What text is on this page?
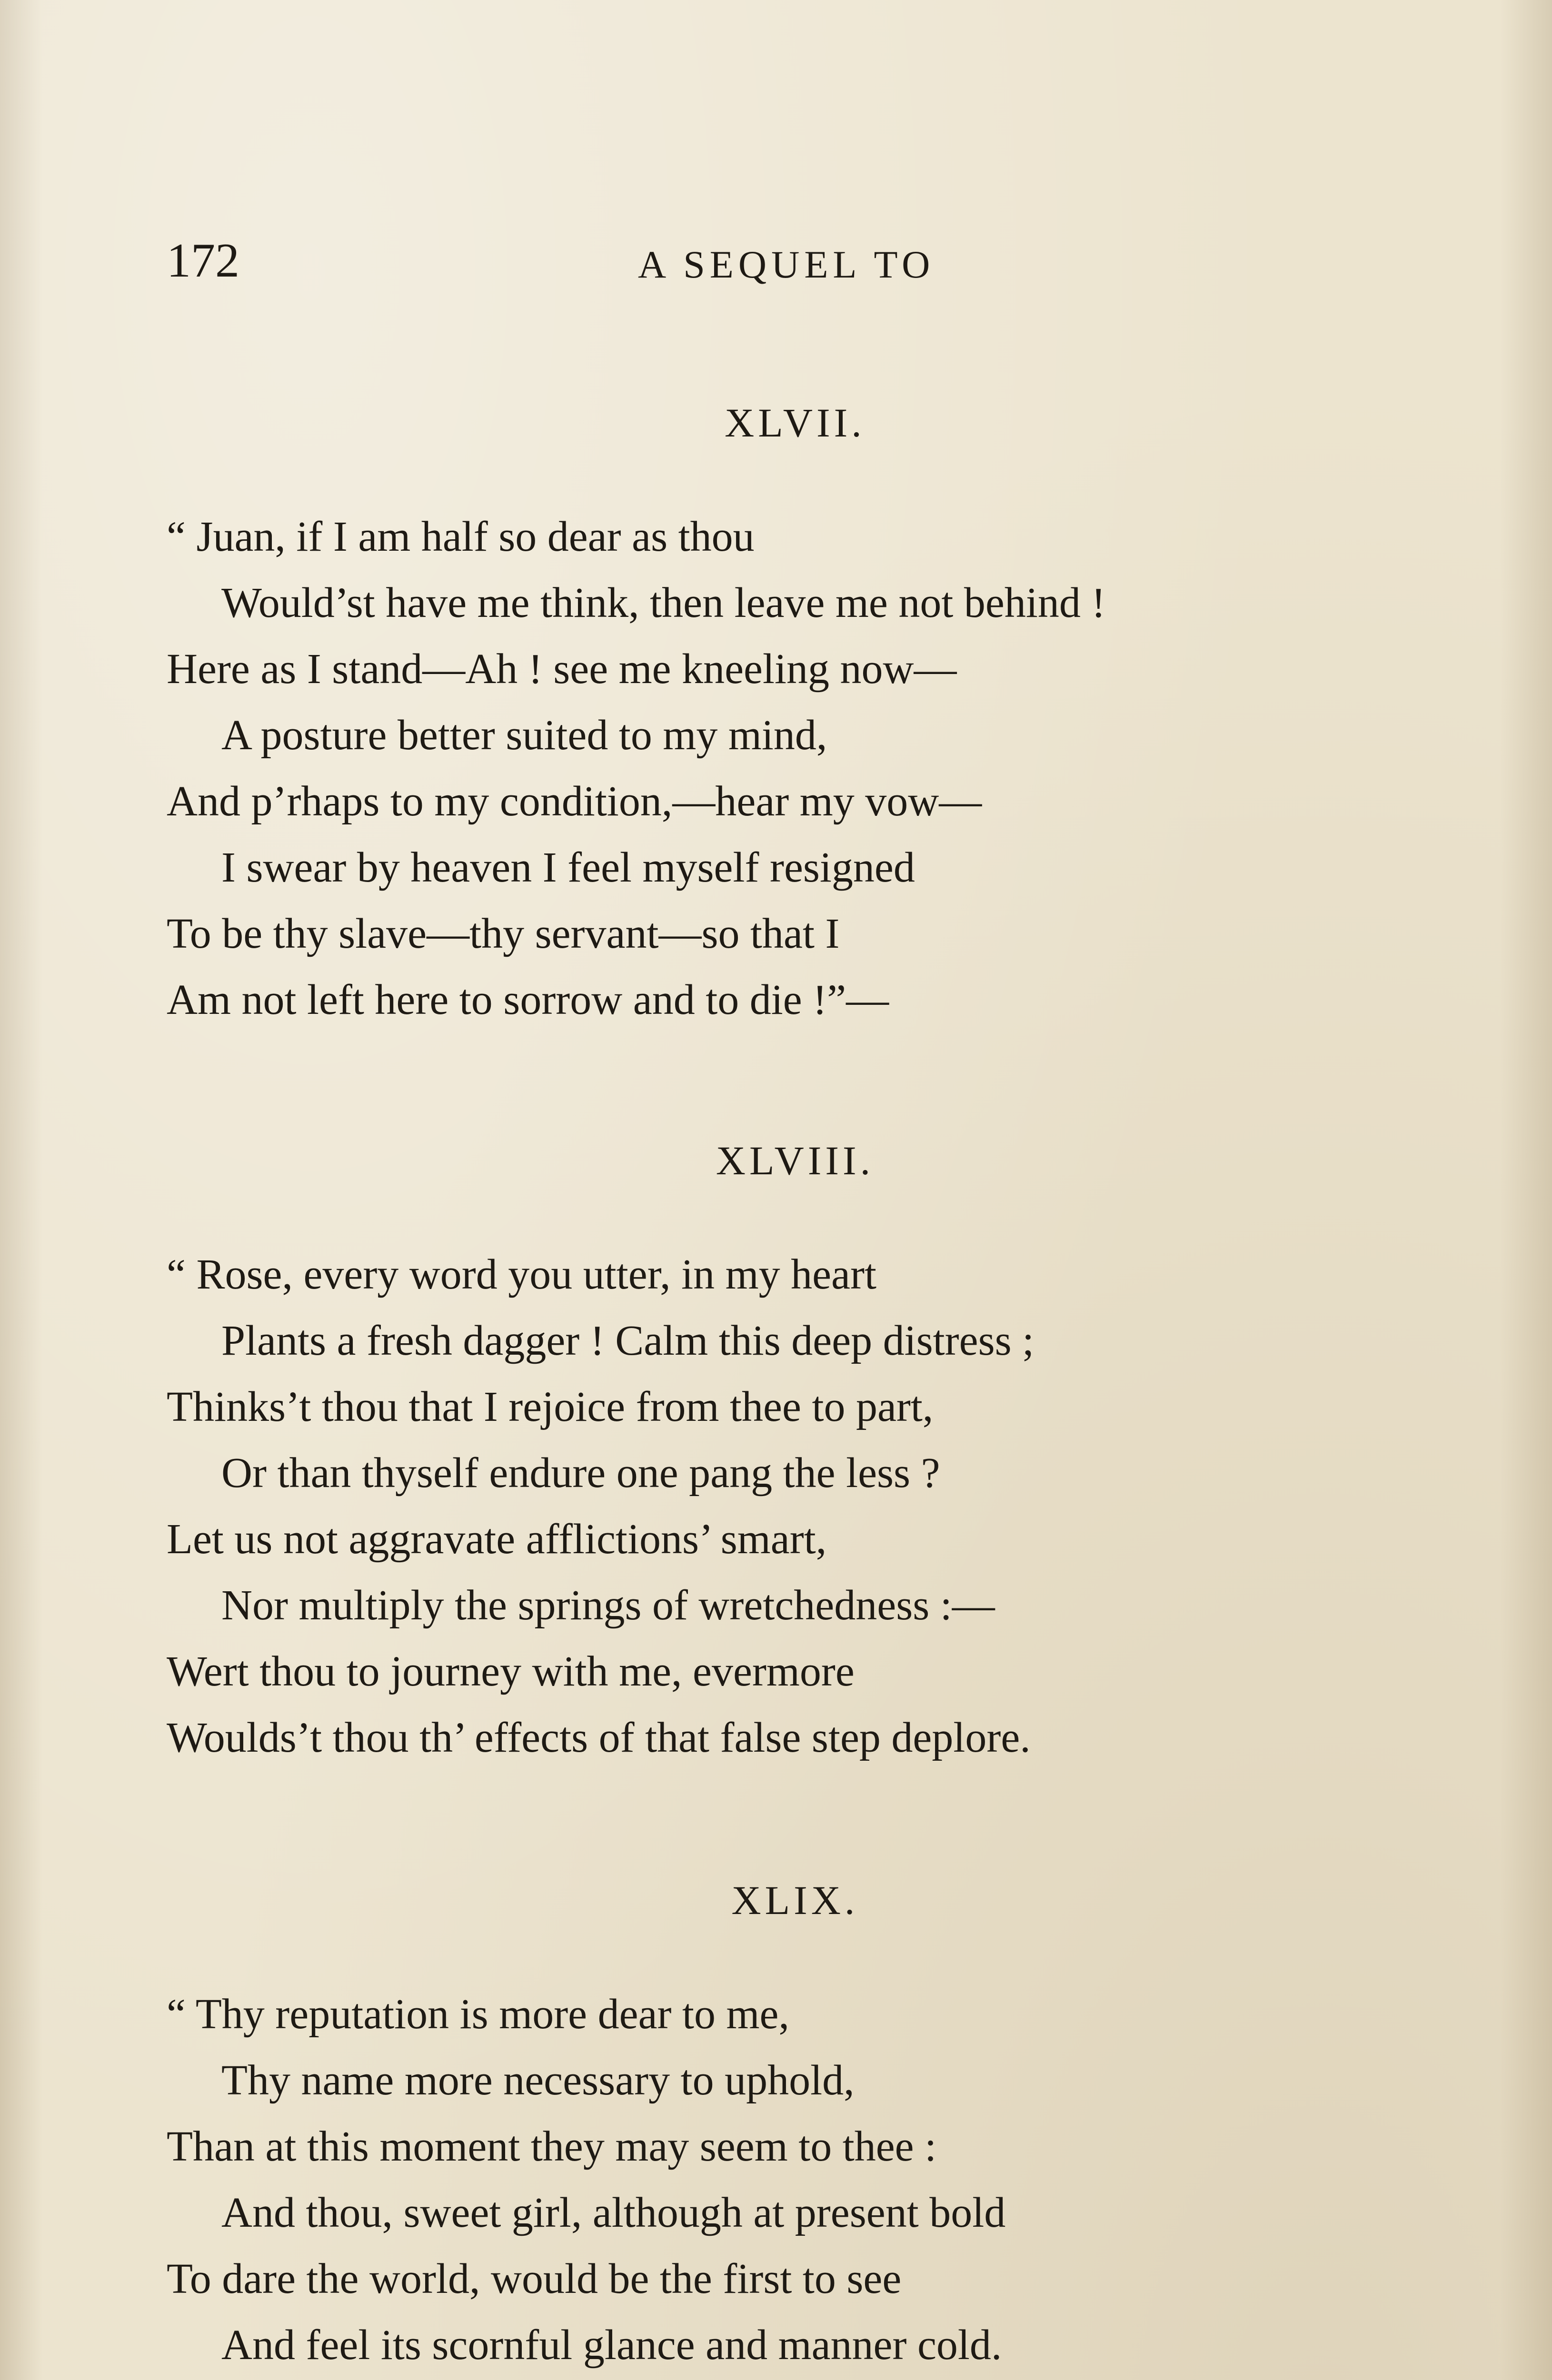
172	A SEQUEL TO
XLVII.
“ Juan, if I am half so dear as thou
Would’st have me think, then leave me not behind !
Here as I stand—Ah ! see me kneeling now—
A posture better suited to my mind,
And p’rhaps to my condition,—hear my vow—
I swear by heaven I feel myself resigned
To be thy slave—thy servant—so that I
Am not left here to sorrow and to die !”—
XLVIII.
“ Rose, every word you utter, in my heart
Plants a fresh dagger ! Calm this deep distress ;
Thinks’t thou that I rejoice from thee to part,
Or than thyself endure one pang the less ?
Let us not aggravate afflictions’ smart,
Nor multiply the springs of wretchedness :—
Wert thou to journey with me, evermore
Woulds’t thou th’ effects of that false step deplore.
XLIX.
“ Thy reputation is more dear to me,
Thy name more necessary to uphold,
Than at this moment they may seem to thee :
And thou, sweet girl, although at present bold
To dare the world, would be the first to see
And feel its scornful glance and manner cold.
